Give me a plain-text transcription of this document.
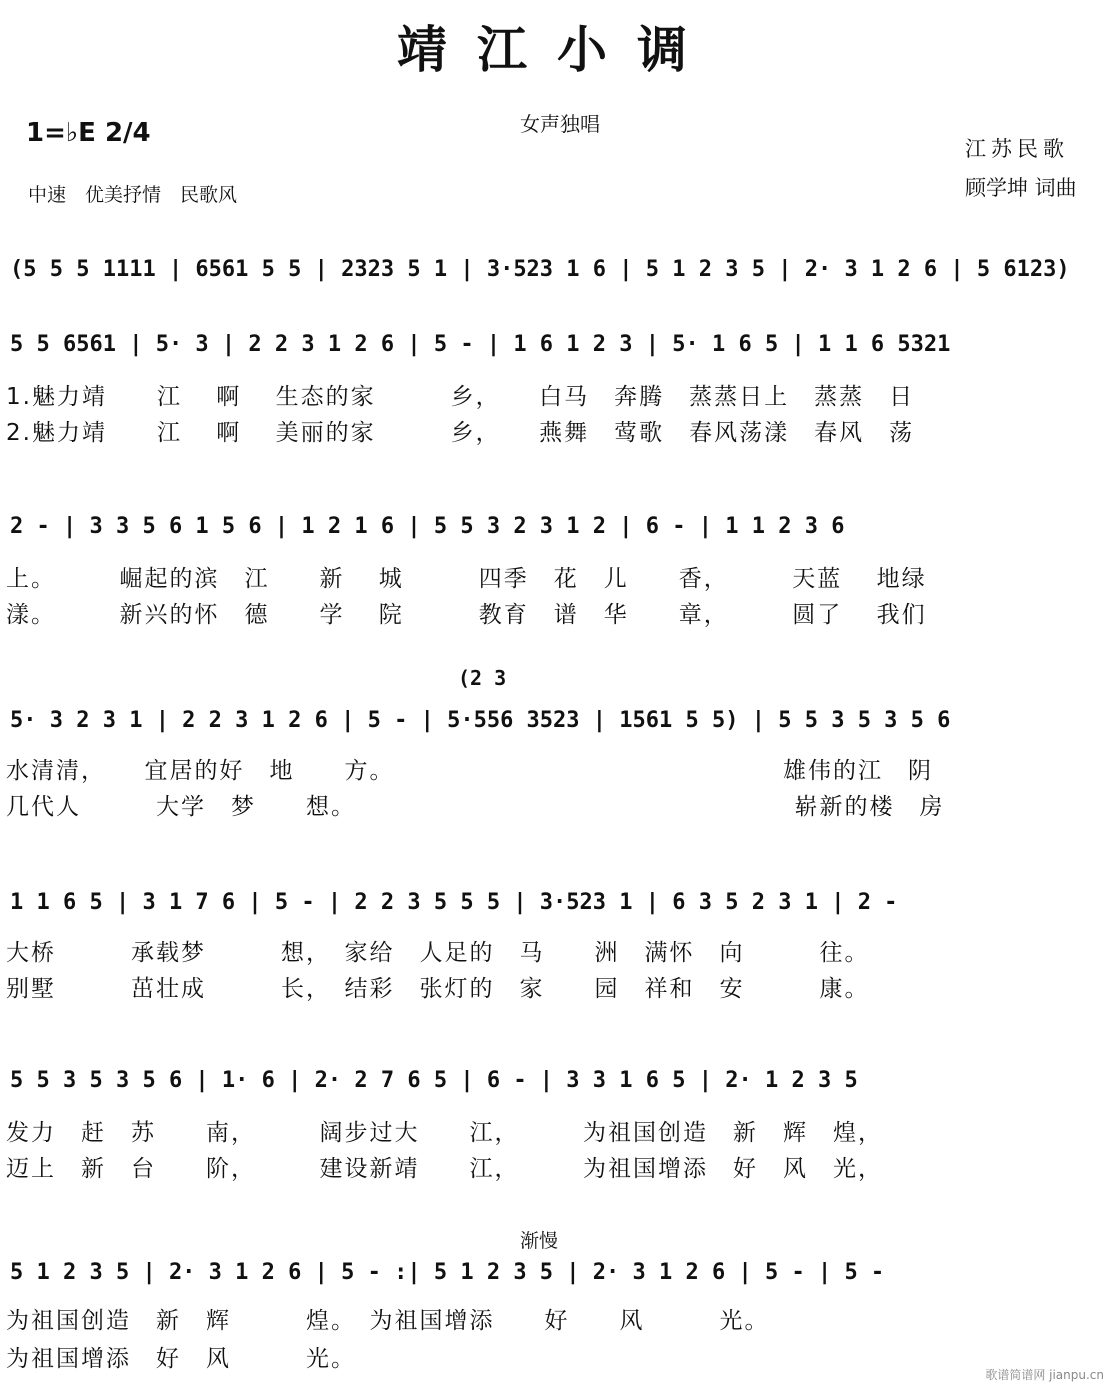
靖江小调
女声独唱
1=♭E 2/4
中速　优美抒情　民歌风
江苏民歌
顾学坤 词曲
(5 5 5 1111 | 6561 5 5 | 2323 5 1 | 3·523 1 6 | 5 1 2 3 5 | 2· 3 1 2 6 | 5 6123)
5 5 6561 | 5· 3 | 2 2 3 1 2 6 | 5 - | 1 6 1 2 3 | 5· 1 6 5 | 1 1 6 5321
1.魅力靖　　江　 啊　 生态的家　　　乡，　　白马　奔腾　蒸蒸日上　蒸蒸　日
2.魅力靖　　江　 啊　 美丽的家　　　乡，　　燕舞　莺歌　春风荡漾　春风　荡
2 - | 3 3 5 6 1 5 6 | 1 2 1 6 | 5 5 3 2 3 1 2 | 6 - | 1 1 2 3 6
上。　　　崛起的滨　江　　新　 城　　　四季　花　儿　　香，　　　天蓝　 地绿
漾。　　　新兴的怀　德　　学　 院　　　教育　谱　华　　章，　　　圆了　 我们
(2 3
5· 3 2 3 1 | 2 2 3 1 2 6 | 5 - | 5·556 3523 | 1561 5 5) | 5 5 3 5 3 5 6
水清清，　　宜居的好　地　　方。　　　　　　　　　　　　　　　　雄伟的江　阴
几代人　　　大学　梦　　想。　　　　　　　　　　　　　　　　　　崭新的楼　房
1 1 6 5 | 3 1 7 6 | 5 - | 2 2 3 5 5 5 | 3·523 1 | 6 3 5 2 3 1 | 2 -
大桥　　　承载梦　　　想，　家给　人足的　马　　洲　满怀　向　　　往。
别墅　　　茁壮成　　　长，　结彩　张灯的　家　　园　祥和　安　　　康。
5 5 3 5 3 5 6 | 1· 6 | 2· 2 7 6 5 | 6 - | 3 3 1 6 5 | 2· 1 2 3 5
发力　赶　苏　　南，　　　阔步过大　　江，　　　为祖国创造　新　辉　煌，
迈上　新　台　　阶，　　　建设新靖　　江，　　　为祖国增添　好　风　光，
渐慢
5 1 2 3 5 | 2· 3 1 2 6 | 5 - :| 5 1 2 3 5 | 2· 3 1 2 6 | 5 - | 5 -
为祖国创造　新　辉　　　煌。　为祖国增添　　好　　风　　　光。
为祖国增添　好　风　　　光。
歌谱简谱网 jianpu.cn
